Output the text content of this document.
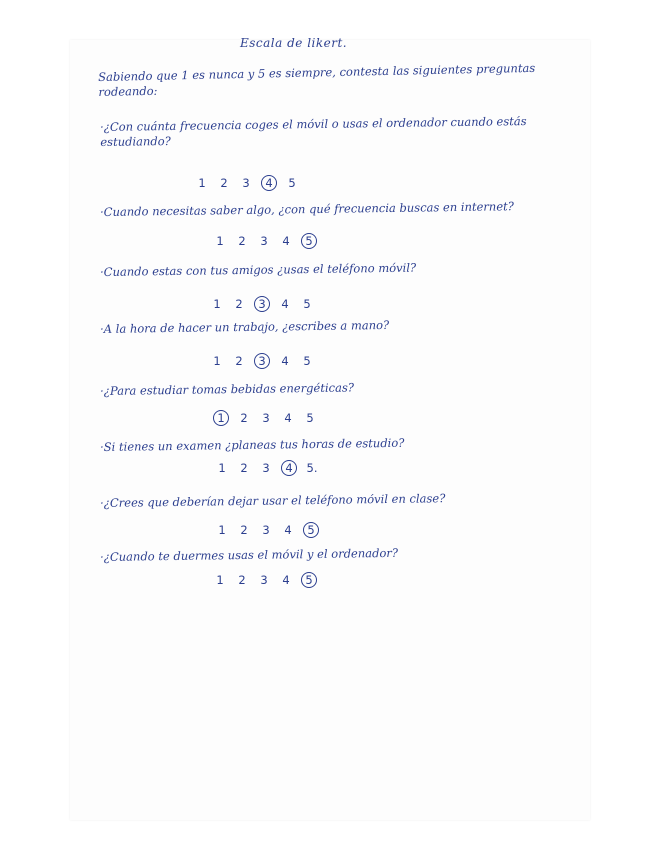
Escala de likert.
Sabiendo que 1 es nunca y 5 es siempre, contesta las siguientes preguntas rodeando:
·¿Con cuánta frecuencia coges el móvil o usas el ordenador cuando estás estudiando?
1 2 3	4	5
·Cuando necesitas saber algo, ¿con qué frecuencia buscas en internet?
1 2 3 4	5
·Cuando estas con tus amigos ¿usas el teléfono móvil?
1 2	3	4 5
·A la hora de hacer un trabajo, ¿escribes a mano?
1 2	3	4 5
·¿Para estudiar tomas bebidas energéticas?
1	2 3 4 5
·Si tienes un examen ¿planeas tus horas de estudio?
1 2 3	4	5.
·¿Crees que deberían dejar usar el teléfono móvil en clase?
1 2 3 4	5
·¿Cuando te duermes usas el móvil y el ordenador?
1 2 3 4	5
